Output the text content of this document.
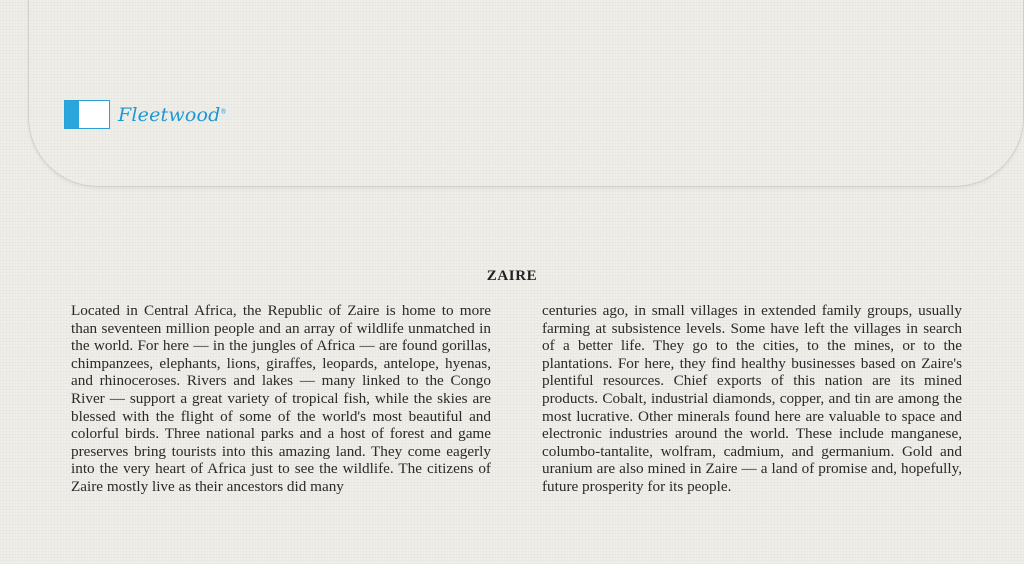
Fleetwood®
ZAIRE
Located in Central Africa, the Republic of Zaire is home to more than seventeen million people and an array of wildlife unmatched in the world. For here — in the jungles of Africa — are found gorillas, chimpanzees, elephants, lions, giraffes, leopards, antelope, hyenas, and rhinoceroses. Rivers and lakes — many linked to the Congo River — support a great variety of tropical fish, while the skies are blessed with the flight of some of the world's most beautiful and colorful birds. Three national parks and a host of forest and game preserves bring tourists into this amazing land. They come eagerly into the very heart of Africa just to see the wildlife. The citizens of Zaire mostly live as their ancestors did many
centuries ago, in small villages in extended family groups, usually farming at subsistence levels. Some have left the villages in search of a better life. They go to the cities, to the mines, or to the plantations. For here, they find healthy businesses based on Zaire's plentiful resources. Chief exports of this nation are its mined products. Cobalt, industrial diamonds, copper, and tin are among the most lucrative. Other minerals found here are valuable to space and electronic industries around the world. These include manganese, columbo-tantalite, wolfram, cadmium, and germanium. Gold and uranium are also mined in Zaire — a land of promise and, hopefully, future prosperity for its people.
